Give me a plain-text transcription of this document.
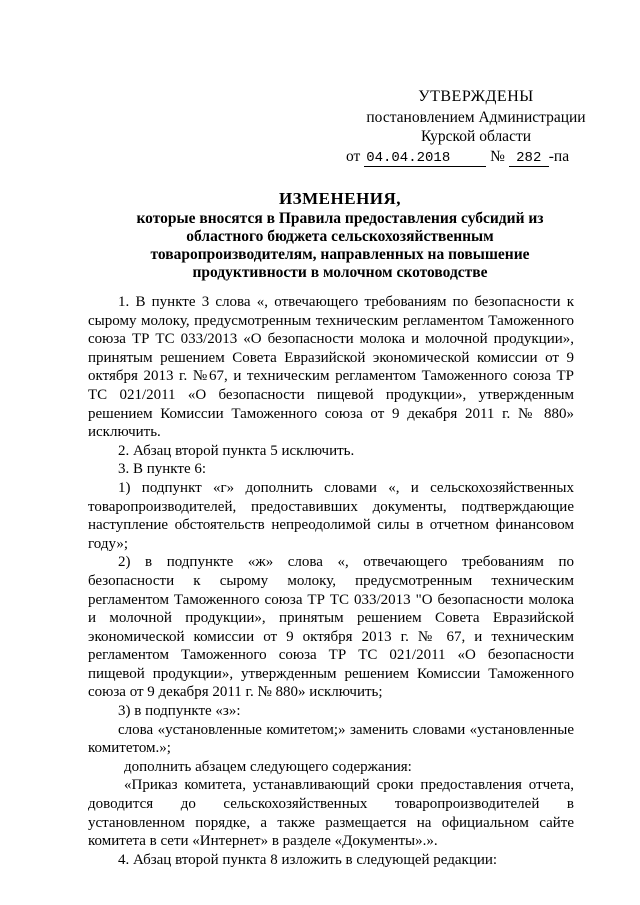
УТВЕРЖДЕНЫ
постановлением Администрации
Курской области
от 04.04.2018	№ 282 -па
ИЗМЕНЕНИЯ,
которые вносятся в Правила предоставления субсидий из областного бюджета сельскохозяйственным товаропроизводителям, направленных на повышение продуктивности в молочном скотоводстве

1. В пункте 3 слова «, отвечающего требованиям по безопасности к сырому молоку, предусмотренным техническим регламентом Таможенного союза ТР ТС 033/2013 «О безопасности молока и молочной продукции», принятым решением Совета Евразийской экономической комиссии от 9 октября 2013 г. №67, и техническим регламентом Таможенного союза ТР ТС 021/2011 «О безопасности пищевой продукции», утвержденным решением Комиссии Таможенного союза от 9 декабря 2011 г. № 880» исключить.

2. Абзац второй пункта 5 исключить.

3. В пункте 6:

1) подпункт «г» дополнить словами «, и сельскохозяйственных товаропроизводителей, предоставивших документы, подтверждающие наступление обстоятельств непреодолимой силы в отчетном финансовом году»;

2) в подпункте «ж» слова «, отвечающего требованиям по безопасности к сырому молоку, предусмотренным техническим регламентом Таможенного союза ТР ТС 033/2013 "О безопасности молока и молочной продукции», принятым решением Совета Евразийской экономической комиссии от 9 октября 2013 г. № 67, и техническим регламентом Таможенного союза ТР ТС 021/2011 «О безопасности пищевой продукции», утвержденным решением Комиссии Таможенного союза от 9 декабря 2011 г. № 880» исключить;

3) в подпункте «з»:

слова «установленные комитетом;» заменить словами «установленные комитетом.»;

дополнить абзацем следующего содержания:

«Приказ комитета, устанавливающий сроки предоставления отчета, доводится до сельскохозяйственных товаропроизводителей в установленном порядке, а также размещается на официальном сайте комитета в сети «Интернет» в разделе «Документы».».

4. Абзац второй пункта 8 изложить в следующей редакции:
